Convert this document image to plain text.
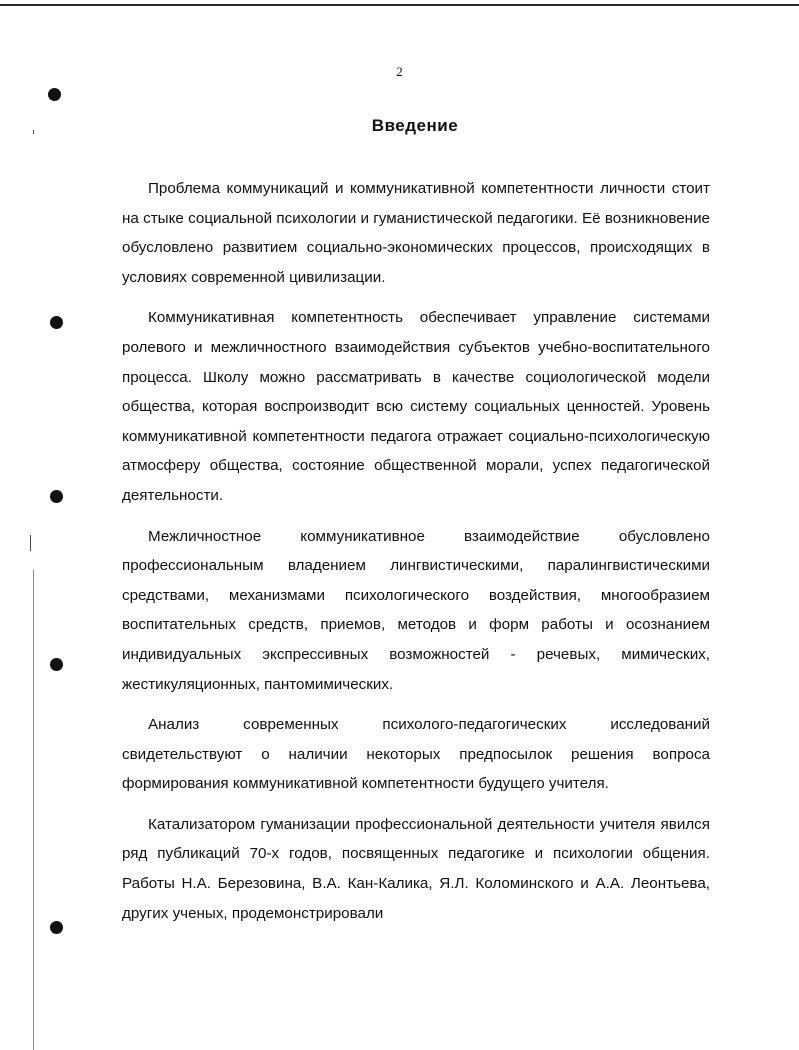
2
Введение

Проблема коммуникаций и коммуникативной компетентности личности стоит на стыке социальной психологии и гуманистической педагогики. Её возникновение обусловлено развитием социально-экономических процессов, происходящих в условиях современной цивилизации.

Коммуникативная компетентность обеспечивает управление системами ролевого и межличностного взаимодействия субъектов учебно-воспитательного процесса. Школу можно рассматривать в качестве социологической модели общества, которая воспроизводит всю систему социальных ценностей. Уровень коммуникативной компетентности педагога отражает социально-психологическую атмосферу общества, состояние общественной морали, успех педагогической деятельности.

Межличностное коммуникативное взаимодействие обусловлено профессиональным владением лингвистическими, паралингвистическими средствами, механизмами психологического воздействия, многообразием воспитательных средств, приемов, методов и форм работы и осознанием индивидуальных экспрессивных возможностей - речевых, мимических, жестикуляционных, пантомимических.

Анализ современных психолого-педагогических исследований свидетельствуют о наличии некоторых предпосылок решения вопроса формирования коммуникативной компетентности будущего учителя.

Катализатором гуманизации профессиональной деятельности учителя явился ряд публикаций 70-х годов, посвященных педагогике и психологии общения. Работы Н.А. Березовина, В.А. Кан-Калика, Я.Л. Коломинского и А.А. Леонтьева, других ученых, продемонстрировали
